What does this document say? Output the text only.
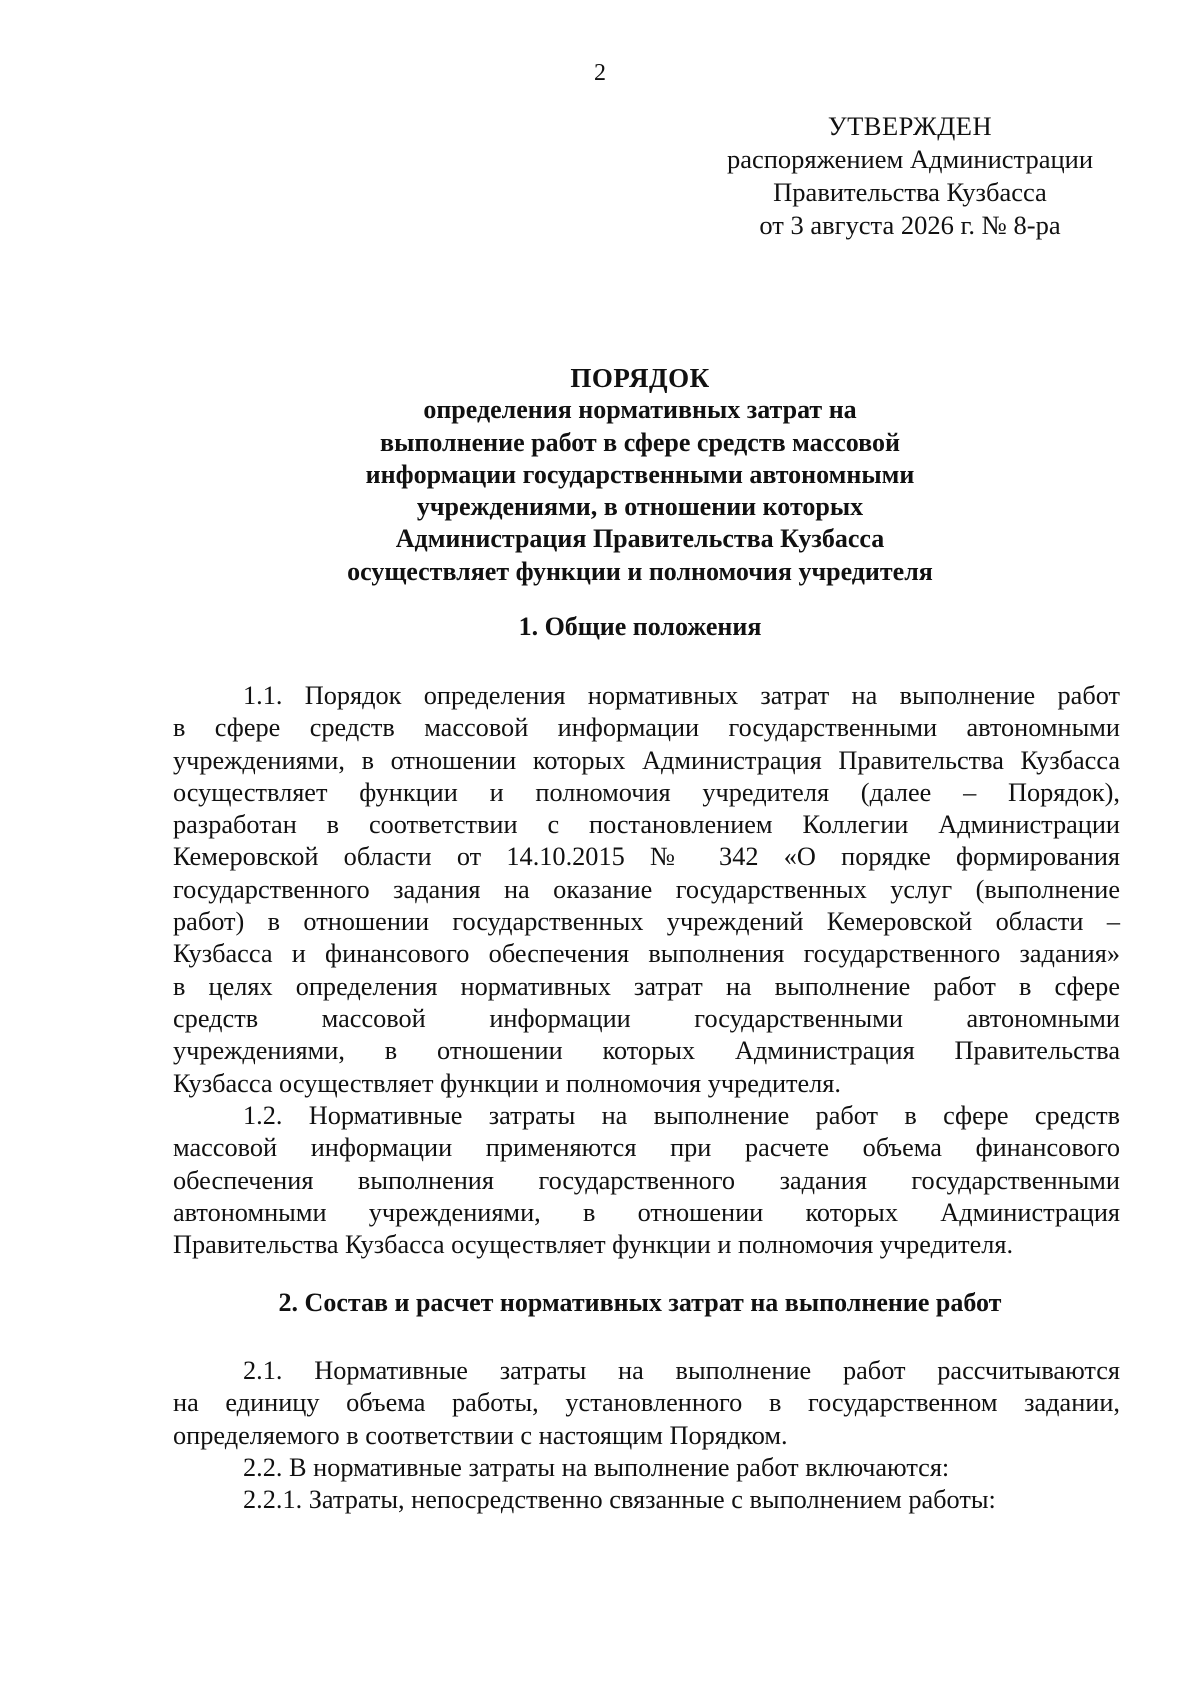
2
УТВЕРЖДЕН
распоряжением Администрации
Правительства Кузбасса
от 3 августа 2026 г. № 8-ра
ПОРЯДОК
определения нормативных затрат на
выполнение работ в сфере средств массовой
информации государственными автономными
учреждениями, в отношении которых
Администрация Правительства Кузбасса
осуществляет функции и полномочия учредителя
1. Общие положения
1.1. Порядок определения нормативных затрат на выполнение работ
в сфере средств массовой информации государственными автономными
учреждениями, в отношении которых Администрация Правительства Кузбасса
осуществляет функции и полномочия учредителя (далее – Порядок),
разработан в соответствии с постановлением Коллегии Администрации
Кемеровской области от 14.10.2015 № 342 «О порядке формирования
государственного задания на оказание государственных услуг (выполнение
работ) в отношении государственных учреждений Кемеровской области –
Кузбасса и финансового обеспечения выполнения государственного задания»
в целях определения нормативных затрат на выполнение работ в сфере
средств массовой информации государственными автономными
учреждениями, в отношении которых Администрация Правительства
Кузбасса осуществляет функции и полномочия учредителя.
1.2. Нормативные затраты на выполнение работ в сфере средств
массовой информации применяются при расчете объема финансового
обеспечения выполнения государственного задания государственными
автономными учреждениями, в отношении которых Администрация
Правительства Кузбасса осуществляет функции и полномочия учредителя.
2. Состав и расчет нормативных затрат на выполнение работ
2.1. Нормативные затраты на выполнение работ рассчитываются
на единицу объема работы, установленного в государственном задании,
определяемого в соответствии с настоящим Порядком.
2.2. В нормативные затраты на выполнение работ включаются:
2.2.1. Затраты, непосредственно связанные с выполнением работы:
